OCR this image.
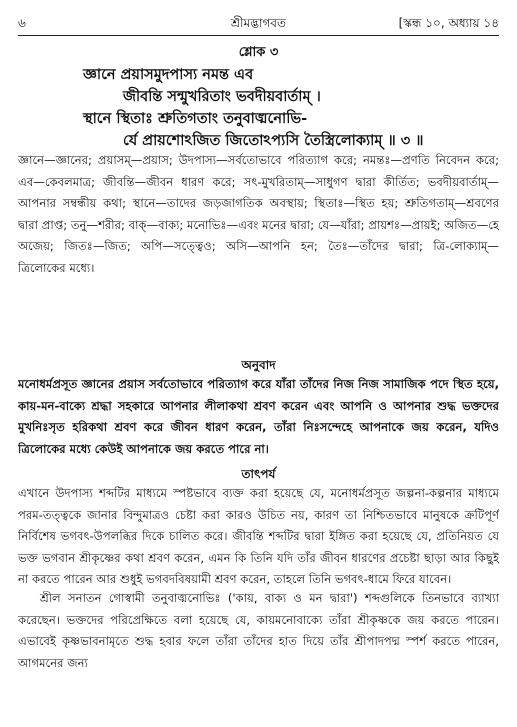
৬	শ্রীমদ্ভাগবত	[স্কন্ধ ১০, অধ্যায় ১৪
শ্লোক ৩
জ্ঞানে প্রয়াসমুদপাস্য নমন্ত এব
জীবন্তি সন্মুখরিতাং ভবদীয়বার্তাম্ ।
স্থানে স্থিতাঃ শ্রুতিগতাং তনুবাঙ্মনোভি-
র্যে প্রায়শোঽজিত জিতোঽপ্যসি তৈস্ত্রিলোক্যাম্ ॥ ৩ ॥

জ্ঞানে—জ্ঞানের; প্রয়াসম্—প্রয়াস; উদপাস্য—সর্বতোভাবে পরিত্যাগ করে; নমন্তঃ—প্রণতি নিবেদন করে; এব—কেবলমাত্র; জীবন্তি—জীবন ধারণ করে; সৎ-মুখরিতাম্—সাধুগণ দ্বারা কীর্তিত; ভবদীয়বার্তাম্—আপনার সম্বন্ধীয় কথা; স্থানে—তাদের জড়জাগতিক অবস্থায়; স্থিতাঃ—স্থিত হয়; শ্রুতিগতাম্—শ্রবণের দ্বারা প্রাপ্ত; তনু—শরীর; বাক্—বাক্য; মনোভিঃ—এবং মনের দ্বারা; যে—যাঁরা; প্রায়শঃ—প্রায়ই; অজিত—হে অজেয়; জিতঃ—জিত; অপি—সত্ত্বেও; অসি—আপনি হন; তৈঃ—তাঁদের দ্বারা; ত্রি-লোক্যাম্—ত্রিলোকের মধ্যে।

অনুবাদ

মনোধর্মপ্রসূত জ্ঞানের প্রয়াস সর্বতোভাবে পরিত্যাগ করে যাঁরা তাঁদের নিজ নিজ সামাজিক পদে স্থিত হয়ে, কায়-মন-বাক্যে শ্রদ্ধা সহকারে আপনার লীলাকথা শ্রবণ করেন এবং আপনি ও আপনার শুদ্ধ ভক্তদের মুখনিঃসৃত হরিকথা শ্রবণ করে জীবন ধারণ করেন, তাঁরা নিঃসন্দেহে আপনাকে জয় করেন, যদিও ত্রিলোকের মধ্যে কেউই আপনাকে জয় করতে পারে না।

তাৎপর্য

এখানে উদপাস্য শব্দটির মাধ্যমে স্পষ্টভাবে ব্যক্ত করা হয়েছে যে, মনোধর্মপ্রসূত জল্পনা-কল্পনার মাধ্যমে পরম-তত্ত্বকে জানার বিন্দুমাত্রও চেষ্টা করা কারও উচিত নয়, কারণ তা নিশ্চিতভাবে মানুষকে ক্রটিপূর্ণ নির্বিশেষ ভগবৎ-উপলব্ধির দিকে চালিত করে। জীবন্তি শব্দটির দ্বারা ইঙ্গিত করা হয়েছে যে, প্রতিনিয়ত যে ভক্ত ভগবান শ্রীকৃষ্ণের কথা শ্রবণ করেন, এমন কি তিনি যদি তাঁর জীবন ধারণের প্রচেষ্টা ছাড়া আর কিছুই না করতে পারেন আর শুধুই ভগবদবিষয়ামী শ্রবণ করেন, তাহলে তিনি ভগবৎ-ধামে ফিরে যাবেন।

শ্রীল সনাতন গোস্বামী তনুবাঙ্মনোভিঃ ('কায়, বাক্য ও মন দ্বারা') শব্দগুলিকে তিনভাবে ব্যাখ্যা করেছেন। ভক্তদের পরিপ্রেক্ষিতে বলা হয়েছে যে, কায়মনোবাক্যে তাঁরা শ্রীকৃষ্ণকে জয় করতে পারেন। এভাবেই কৃষ্ণভাবনামৃতে শুদ্ধ হবার ফলে তাঁরা তাঁদের হাত দিয়ে তাঁর শ্রীপাদপদ্ম স্পর্শ করতে পারেন, আগমনের জন্য
